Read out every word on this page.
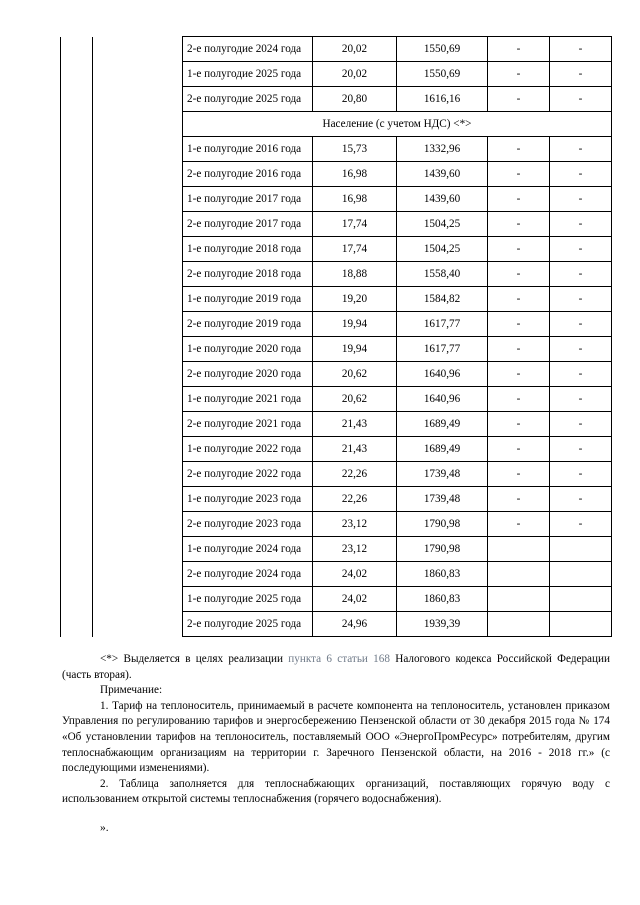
		2-е полугодие 2024 года	20,02	1550,69	-	-
		1-е полугодие 2025 года	20,02	1550,69	-	-
		2-е полугодие 2025 года	20,80	1616,16	-	-
		Население (с учетом НДС) <*>				
		1-е полугодие 2016 года	15,73	1332,96	-	-
		2-е полугодие 2016 года	16,98	1439,60	-	-
		1-е полугодие 2017 года	16,98	1439,60	-	-
		2-е полугодие 2017 года	17,74	1504,25	-	-
		1-е полугодие 2018 года	17,74	1504,25	-	-
		2-е полугодие 2018 года	18,88	1558,40	-	-
		1-е полугодие 2019 года	19,20	1584,82	-	-
		2-е полугодие 2019 года	19,94	1617,77	-	-
		1-е полугодие 2020 года	19,94	1617,77	-	-
		2-е полугодие 2020 года	20,62	1640,96	-	-
		1-е полугодие 2021 года	20,62	1640,96	-	-
		2-е полугодие 2021 года	21,43	1689,49	-	-
		1-е полугодие 2022 года	21,43	1689,49	-	-
		2-е полугодие 2022 года	22,26	1739,48	-	-
		1-е полугодие 2023 года	22,26	1739,48	-	-
		2-е полугодие 2023 года	23,12	1790,98	-	-
		1-е полугодие 2024 года	23,12	1790,98		
		2-е полугодие 2024 года	24,02	1860,83		
		1-е полугодие 2025 года	24,02	1860,83		
		2-е полугодие 2025 года	24,96	1939,39		

<*> Выделяется в целях реализации пункта 6 статьи 168 Налогового кодекса Российской Федерации (часть вторая).

Примечание:

1. Тариф на теплоноситель, принимаемый в расчете компонента на теплоноситель, установлен приказом Управления по регулированию тарифов и энергосбережению Пензенской области от 30 декабря 2015 года № 174 «Об установлении тарифов на теплоноситель, поставляемый ООО «ЭнергоПромРесурс» потребителям, другим теплоснабжающим организациям на территории г. Заречного Пензенской области, на 2016 - 2018 гг.» (с последующими изменениями).

2. Таблица заполняется для теплоснабжающих организаций, поставляющих горячую воду с использованием открытой системы теплоснабжения (горячего водоснабжения).

».
